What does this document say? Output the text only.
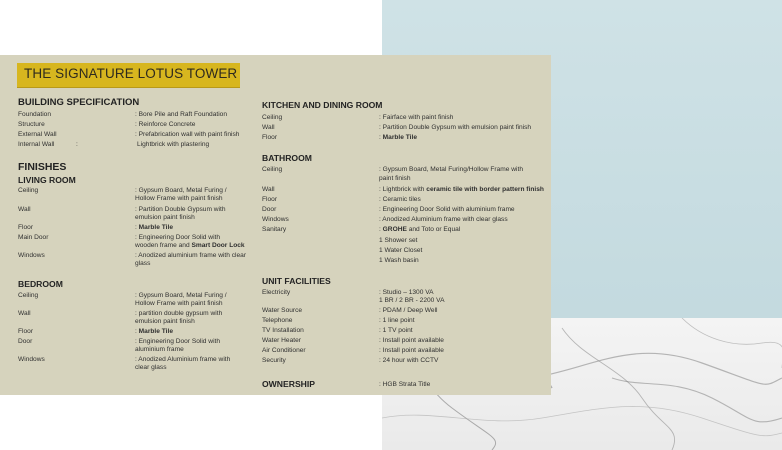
THE SIGNATURE LOTUS TOWER
BUILDING SPECIFICATION
Foundation	: Bore Pile and Raft Foundation
Structure	: Reinforce Concrete
External Wall	: Prefabrication wall with paint finish
Internal Wall	:	Lightbrick with plastering
FINISHES
LIVING ROOM
Ceiling	: Gypsum Board, Metal Furing /
Hollow Frame with paint finish
Wall	: Partition Double Gypsum with
emulsion paint finish
Floor	: Marble Tile
Main Door	: Engineering Door Solid with
wooden frame and Smart Door Lock
Windows	: Anodized aluminium frame with clear
glass
BEDROOM
Ceiling	: Gypsum Board, Metal Furing /
Hollow Frame with paint finish
Wall	: partition double gypsum with
emulsion paint finish
Floor	: Marble Tile
Door	: Engineering Door Solid with
aluminium frame
Windows	: Anodized Aluminium frame with
clear glass
KITCHEN AND DINING ROOM
Ceiling	: Fairface with paint finish
Wall	: Partition Double Gypsum with emulsion paint finish
Floor	: Marble Tile
BATHROOM
Ceiling	: Gypsum Board, Metal Furing/Hollow Frame with
paint finish
Wall	: Lightbrick with ceramic tile with border pattern finish
Floor	: Ceramic tiles
Door	: Engineering Door Solid with aluminium frame
Windows	: Anodized Aluminium frame with clear glass
Sanitary	: GROHE and Toto or Equal
1 Shower set
1 Water Closet
1 Wash basin
UNIT FACILITIES
Electricity	: Studio – 1300 VA
1 BR / 2 BR - 2200 VA
Water Source	: PDAM / Deep Well
Telephone	: 1 line point
TV Installation	: 1 TV point
Water Heater	: Install point available
Air Conditioner	: Install point available
Security	: 24 hour with CCTV
OWNERSHIP	: HGB Strata Title
